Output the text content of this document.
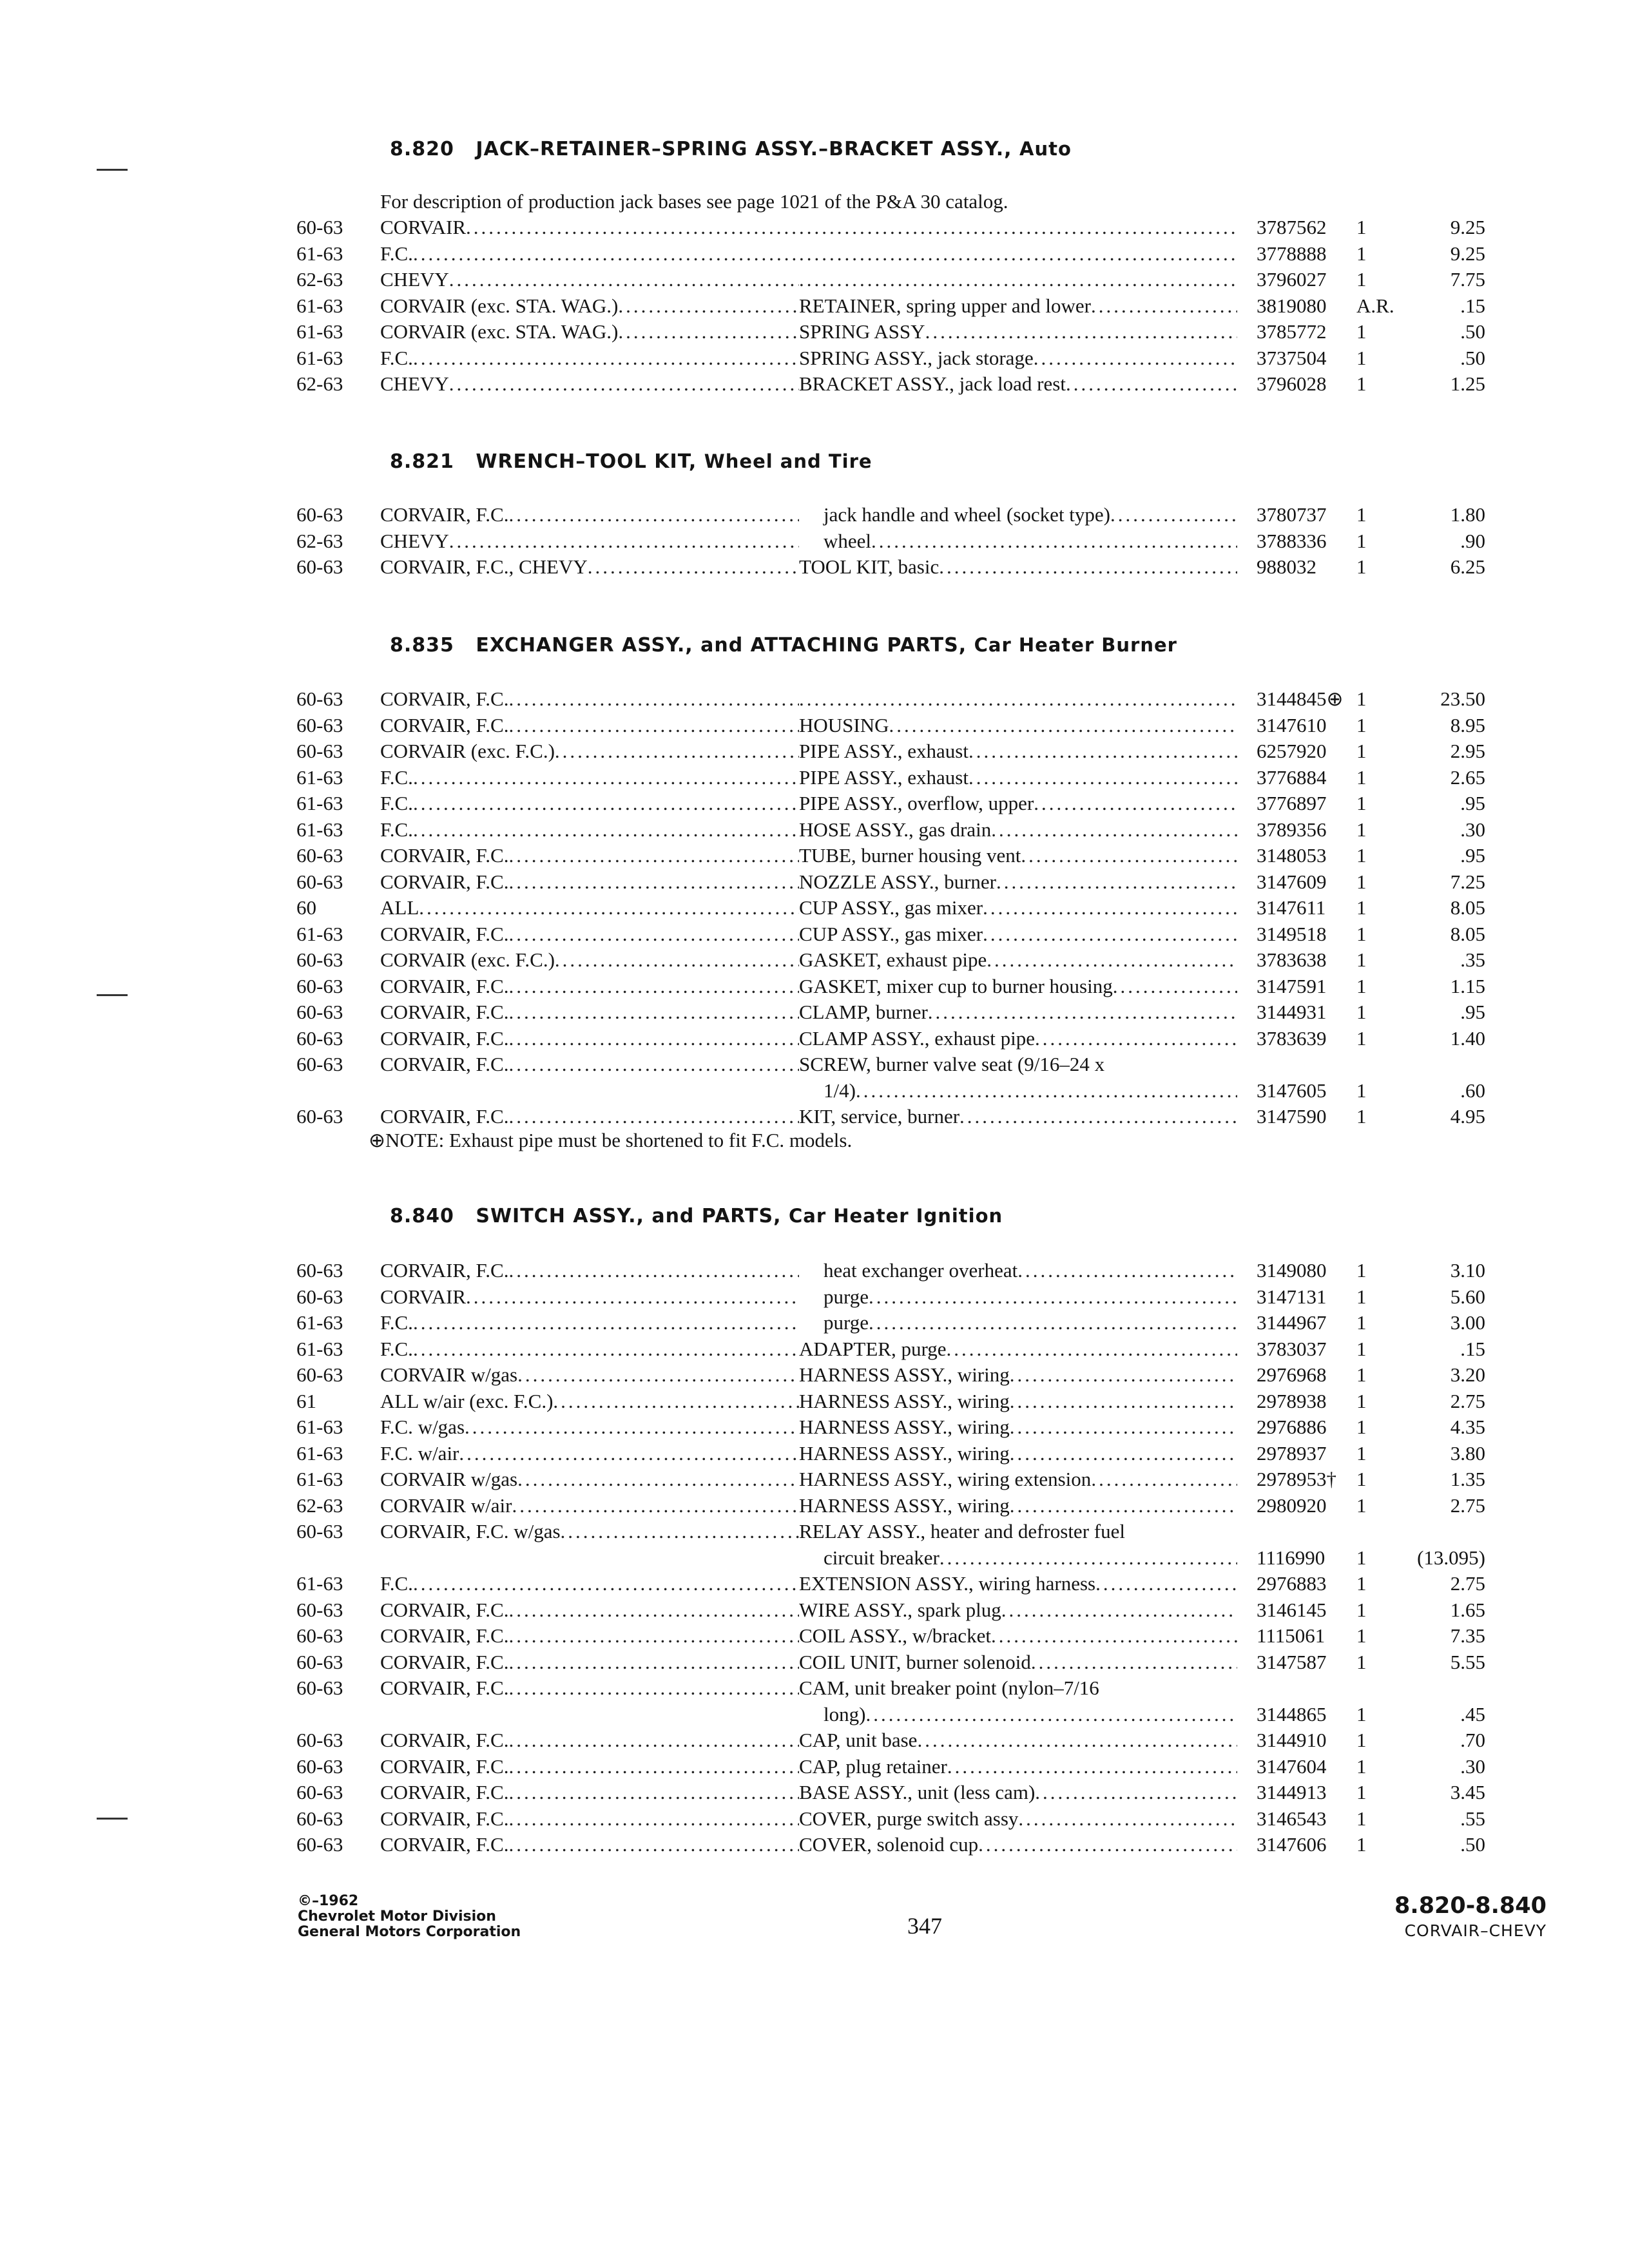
8.820 JACK–RETAINER–SPRING ASSY.–BRACKET ASSY., Auto
For description of production jack bases see page 1021 of the P&A 30 catalog.
60-63	CORVAIR ..... .....	3787562	1	9.25
61-63	F.C. ..... .....	3778888	1	9.25
62-63	CHEVY ..... .....	3796027	1	7.75
61-63	CORVAIR (exc. STA. WAG.) .....	RETAINER, spring upper and lower .....	3819080	A.R.	.15
61-63	CORVAIR (exc. STA. WAG.) .....	SPRING ASSY .....	3785772	1	.50
61-63	F.C. .....	SPRING ASSY., jack storage .....	3737504	1	.50
62-63	CHEVY .....	BRACKET ASSY., jack load rest .....	3796028	1	1.25
8.821 WRENCH–TOOL KIT, Wheel and Tire
60-63	CORVAIR, F.C. .....	jack handle and wheel (socket type) .....	3780737	1	1.80
62-63	CHEVY .....	wheel .....	3788336	1	.90
60-63	CORVAIR, F.C., CHEVY .....	TOOL KIT, basic .....	988032	1	6.25
8.835 EXCHANGER ASSY., and ATTACHING PARTS, Car Heater Burner
60-63	CORVAIR, F.C. ..... .....	3144845⊕ 1	23.50
60-63	CORVAIR, F.C. .....	HOUSING .....	3147610	1	8.95
60-63	CORVAIR (exc. F.C.) .....	PIPE ASSY., exhaust .....	6257920	1	2.95
61-63	F.C. .....	PIPE ASSY., exhaust .....	3776884	1	2.65
61-63	F.C. .....	PIPE ASSY., overflow, upper .....	3776897	1	.95
61-63	F.C. .....	HOSE ASSY., gas drain .....	3789356	1	.30
60-63	CORVAIR, F.C. .....	TUBE, burner housing vent .....	3148053	1	.95
60-63	CORVAIR, F.C. .....	NOZZLE ASSY., burner .....	3147609	1	7.25
60	ALL .....	CUP ASSY., gas mixer .....	3147611	1	8.05
61-63	CORVAIR, F.C. .....	CUP ASSY., gas mixer .....	3149518	1	8.05
60-63	CORVAIR (exc. F.C.) .....	GASKET, exhaust pipe .....	3783638	1	.35
60-63	CORVAIR, F.C. .....	GASKET, mixer cup to burner housing .....	3147591	1	1.15
60-63	CORVAIR, F.C. .....	CLAMP, burner .....	3144931	1	.95
60-63	CORVAIR, F.C. .....	CLAMP ASSY., exhaust pipe .....	3783639	1	1.40
60-63	CORVAIR, F.C. .....	SCREW, burner valve seat (9/16–24 x
1/4) .....	3147605	1	.60
60-63	CORVAIR, F.C. .....	KIT, service, burner .....	3147590	1	4.95
⊕NOTE: Exhaust pipe must be shortened to fit F.C. models.
8.840 SWITCH ASSY., and PARTS, Car Heater Ignition
60-63	CORVAIR, F.C. .....	heat exchanger overheat .....	3149080	1	3.10
60-63	CORVAIR .....	purge .....	3147131	1	5.60
61-63	F.C. .....	purge .....	3144967	1	3.00
61-63	F.C. .....	ADAPTER, purge .....	3783037	1	.15
60-63	CORVAIR w/gas .....	HARNESS ASSY., wiring .....	2976968	1	3.20
61	ALL w/air (exc. F.C.) .....	HARNESS ASSY., wiring .....	2978938	1	2.75
61-63	F.C. w/gas .....	HARNESS ASSY., wiring .....	2976886	1	4.35
61-63	F.C. w/air .....	HARNESS ASSY., wiring .....	2978937	1	3.80
61-63	CORVAIR w/gas .....	HARNESS ASSY., wiring extension .....	2978953†	1	1.35
62-63	CORVAIR w/air .....	HARNESS ASSY., wiring .....	2980920	1	2.75
60-63	CORVAIR, F.C. w/gas .....	RELAY ASSY., heater and defroster fuel
circuit breaker .....	1116990	1	(13.095)
61-63	F.C. .....	EXTENSION ASSY., wiring harness .....	2976883	1	2.75
60-63	CORVAIR, F.C. .....	WIRE ASSY., spark plug .....	3146145	1	1.65
60-63	CORVAIR, F.C. .....	COIL ASSY., w/bracket .....	1115061	1	7.35
60-63	CORVAIR, F.C. .....	COIL UNIT, burner solenoid .....	3147587	1	5.55
60-63	CORVAIR, F.C. .....	CAM, unit breaker point (nylon–7/16
long) .....	3144865	1	.45
60-63	CORVAIR, F.C. .....	CAP, unit base .....	3144910	1	.70
60-63	CORVAIR, F.C. .....	CAP, plug retainer .....	3147604	1	.30
60-63	CORVAIR, F.C. .....	BASE ASSY., unit (less cam) .....	3144913	1	3.45
60-63	CORVAIR, F.C. .....	COVER, purge switch assy .....	3146543	1	.55
60-63	CORVAIR, F.C. .....	COVER, solenoid cup .....	3147606	1	.50
©–1962
Chevrolet Motor Division
General Motors Corporation	347
8.820-8.840
CORVAIR–CHEVY
